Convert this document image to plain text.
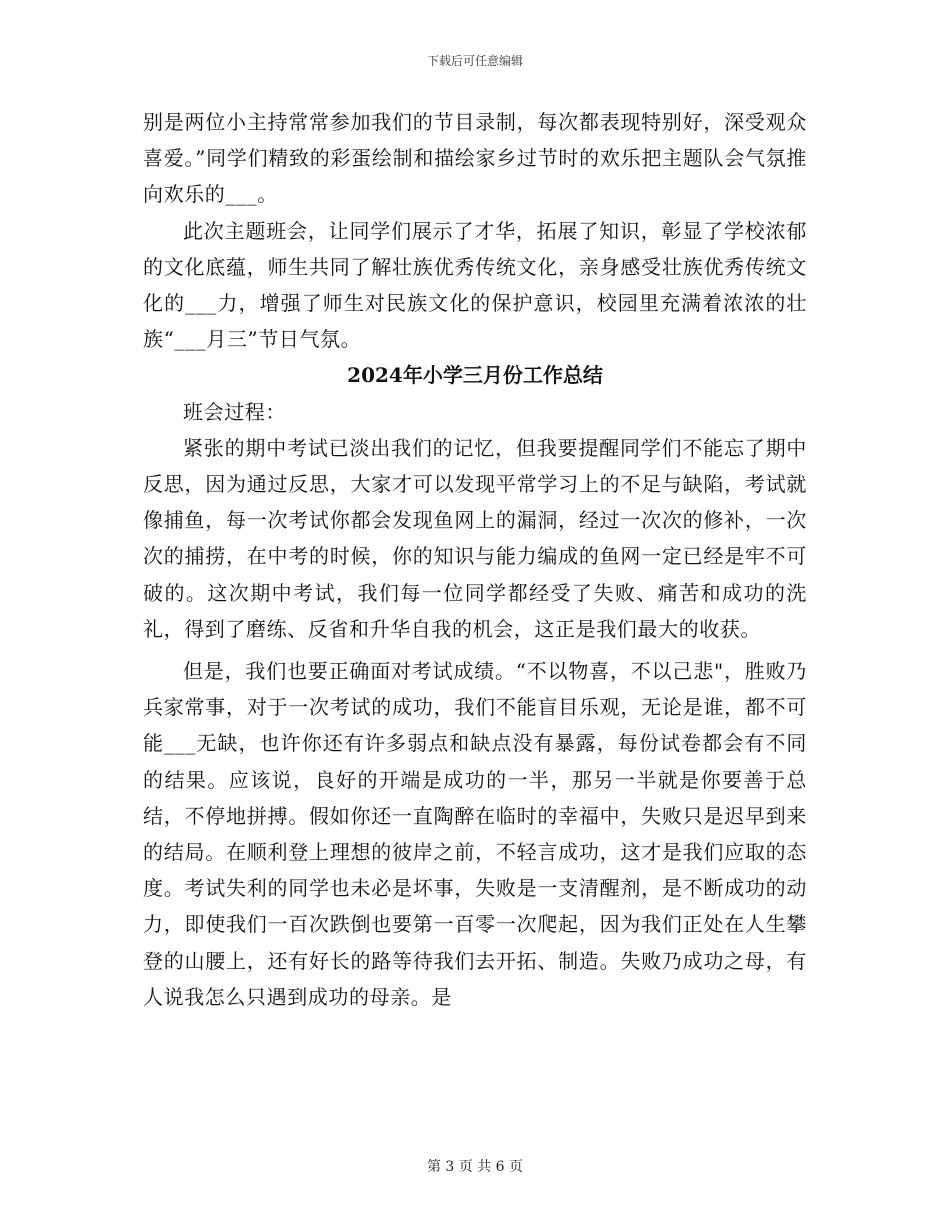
下载后可任意编辑

别是两位小主持常常参加我们的节目录制，每次都表现特别好，深受观众喜爱。”同学们精致的彩蛋绘制和描绘家乡过节时的欢乐把主题队会气氛推向欢乐的___。

此次主题班会，让同学们展示了才华，拓展了知识，彰显了学校浓郁的文化底蕴，师生共同了解壮族优秀传统文化，亲身感受壮族优秀传统文化的___力，增强了师生对民族文化的保护意识，校园里充满着浓浓的壮族“___月三”节日气氛。

2024年小学三月份工作总结

班会过程：

紧张的期中考试已淡出我们的记忆，但我要提醒同学们不能忘了期中反思，因为通过反思，大家才可以发现平常学习上的不足与缺陷，考试就像捕鱼，每一次考试你都会发现鱼网上的漏洞，经过一次次的修补，一次次的捕捞，在中考的时候，你的知识与能力编成的鱼网一定已经是牢不可破的。这次期中考试，我们每一位同学都经受了失败、痛苦和成功的洗礼，得到了磨练、反省和升华自我的机会，这正是我们最大的收获。

但是，我们也要正确面对考试成绩。“不以物喜，不以己悲"，胜败乃兵家常事，对于一次考试的成功，我们不能盲目乐观，无论是谁，都不可能___无缺，也许你还有许多弱点和缺点没有暴露，每份试卷都会有不同的结果。应该说，良好的开端是成功的一半，那另一半就是你要善于总结，不停地拼搏。假如你还一直陶醉在临时的幸福中，失败只是迟早到来的结局。在顺利登上理想的彼岸之前，不轻言成功，这才是我们应取的态度。考试失利的同学也未必是坏事，失败是一支清醒剂，是不断成功的动力，即使我们一百次跌倒也要第一百零一次爬起，因为我们正处在人生攀登的山腰上，还有好长的路等待我们去开拓、制造。失败乃成功之母，有人说我怎么只遇到成功的母亲。是

第 3 页 共 6 页
